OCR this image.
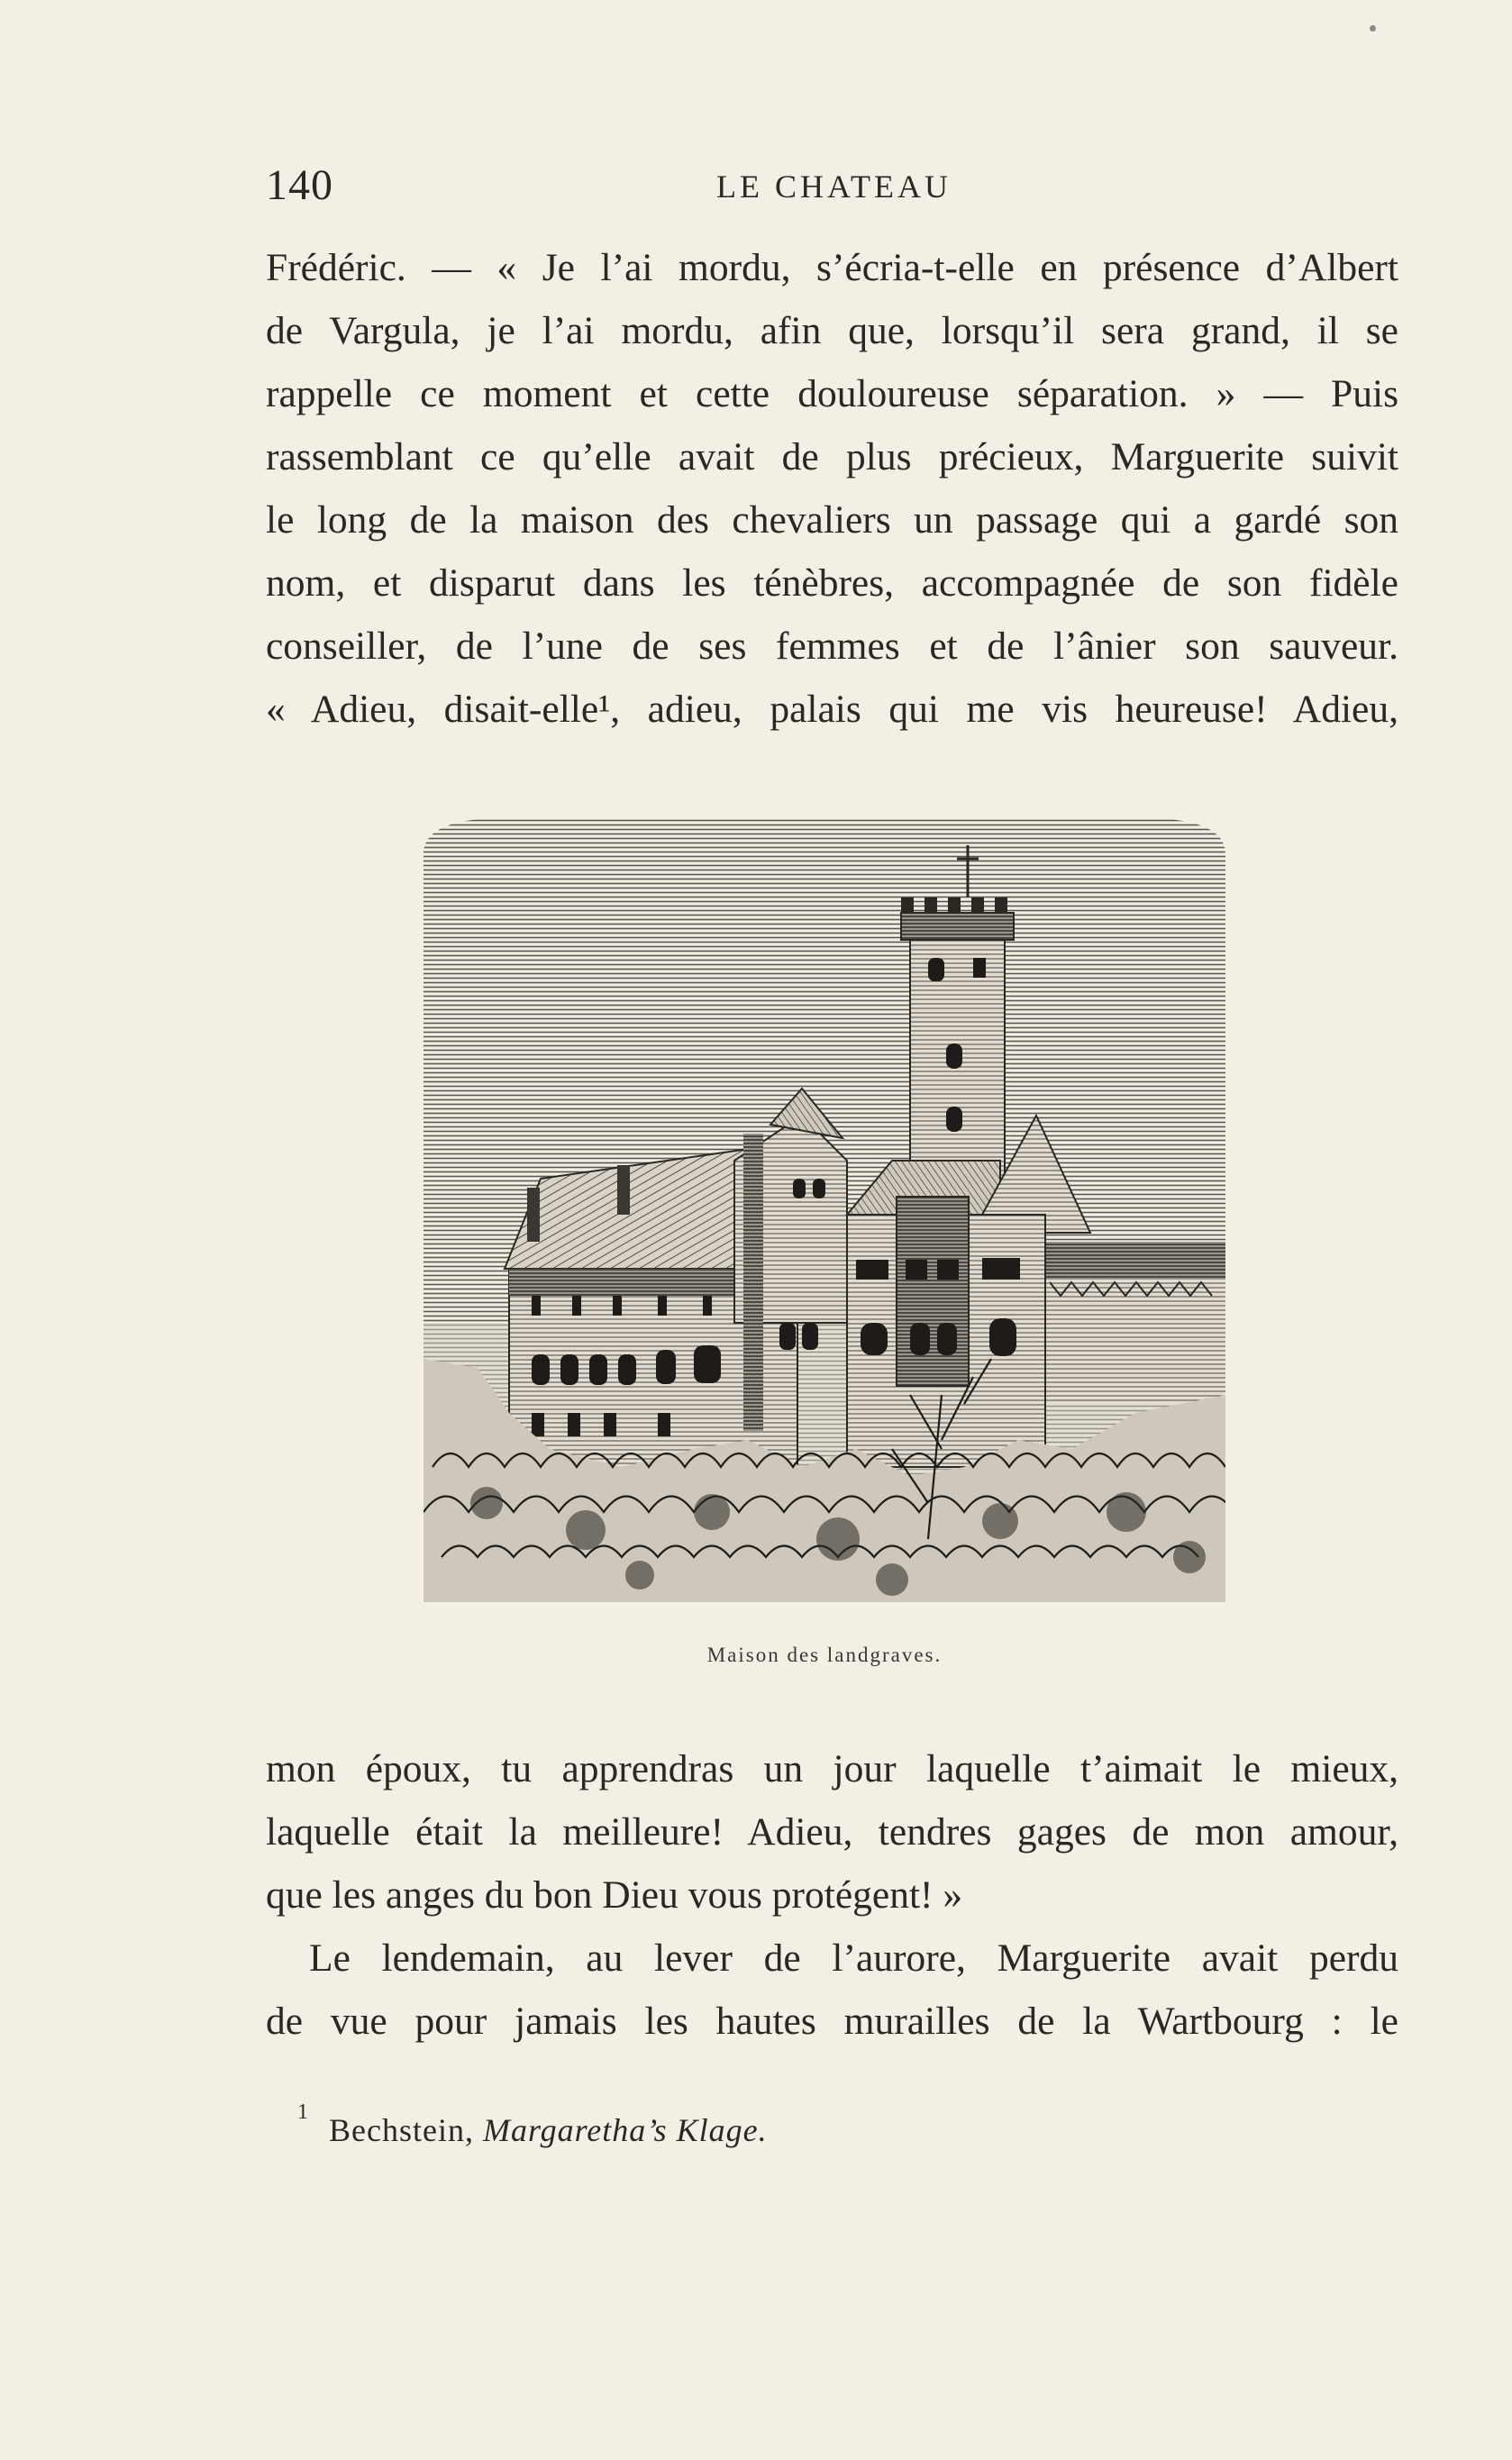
140	LE CHATEAU
Frédéric. — « Je l’ai mordu, s’écria-t-elle en présence d’Albert
de Vargula, je l’ai mordu, afin que, lorsqu’il sera grand, il se
rappelle ce moment et cette douloureuse séparation. » — Puis
rassemblant ce qu’elle avait de plus précieux, Marguerite suivit
le long de la maison des chevaliers un passage qui a gardé son
nom, et disparut dans les ténèbres, accompagnée de son fidèle
conseiller, de l’une de ses femmes et de l’ânier son sauveur.
« Adieu, disait-elle¹, adieu, palais qui me vis heureuse! Adieu,
Maison des landgraves.
mon époux, tu apprendras un jour laquelle t’aimait le mieux,
laquelle était la meilleure! Adieu, tendres gages de mon amour,
que les anges du bon Dieu vous protégent! »
Le lendemain, au lever de l’aurore, Marguerite avait perdu
de vue pour jamais les hautes murailles de la Wartbourg : le
$^1$ Bechstein, Margaretha’s Klage.
